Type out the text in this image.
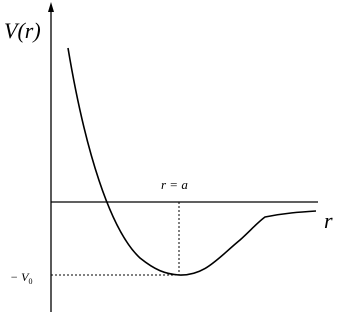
V(r)
r
r = a
− V0
